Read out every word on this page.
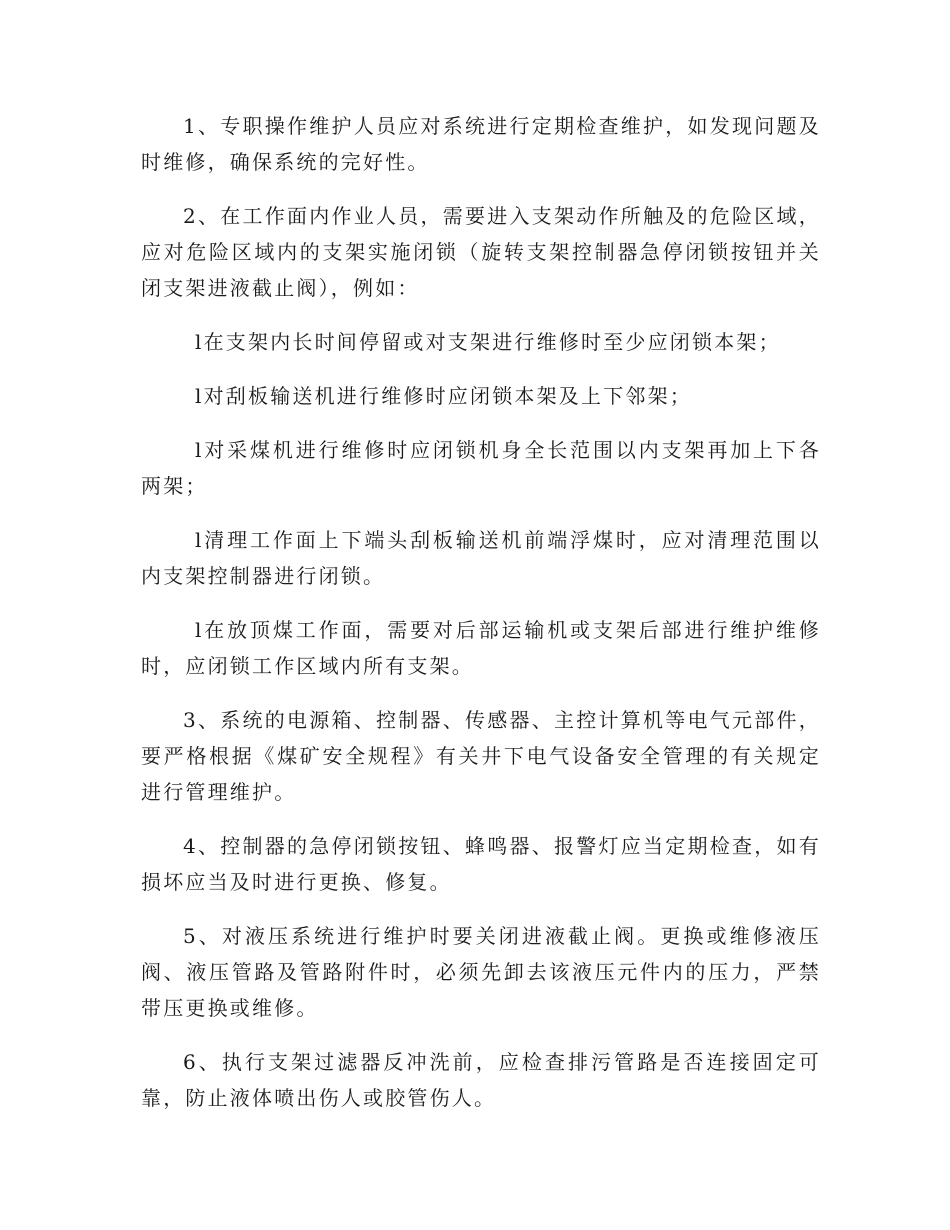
1、专职操作维护人员应对系统进行定期检查维护，如发现问题及时维修，确保系统的完好性。

2、在工作面内作业人员，需要进入支架动作所触及的危险区域，应对危险区域内的支架实施闭锁（旋转支架控制器急停闭锁按钮并关闭支架进液截止阀），例如：

l在支架内长时间停留或对支架进行维修时至少应闭锁本架；

l对刮板输送机进行维修时应闭锁本架及上下邻架；

l对采煤机进行维修时应闭锁机身全长范围以内支架再加上下各两架；

l清理工作面上下端头刮板输送机前端浮煤时，应对清理范围以内支架控制器进行闭锁。

l在放顶煤工作面，需要对后部运输机或支架后部进行维护维修时，应闭锁工作区域内所有支架。

3、系统的电源箱、控制器、传感器、主控计算机等电气元部件，要严格根据《煤矿安全规程》有关井下电气设备安全管理的有关规定进行管理维护。

4、控制器的急停闭锁按钮、蜂鸣器、报警灯应当定期检查，如有损坏应当及时进行更换、修复。

5、对液压系统进行维护时要关闭进液截止阀。更换或维修液压阀、液压管路及管路附件时，必须先卸去该液压元件内的压力，严禁带压更换或维修。

6、执行支架过滤器反冲洗前，应检查排污管路是否连接固定可靠，防止液体喷出伤人或胶管伤人。
